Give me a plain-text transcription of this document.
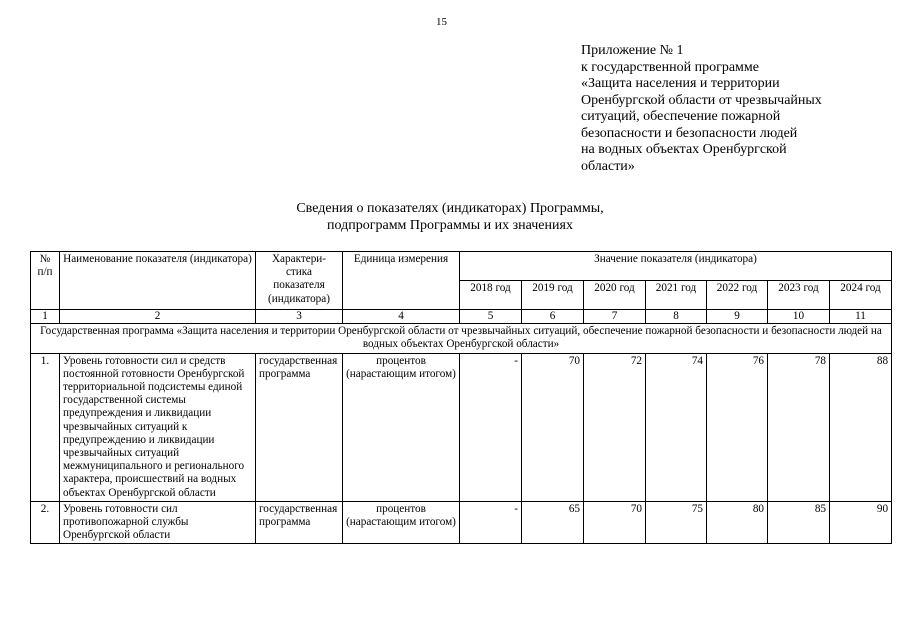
15
Приложение № 1
к государственной программе
«Защита населения и территории
Оренбургской области от чрезвычайных
ситуаций, обеспечение пожарной
безопасности и безопасности людей
на водных объектах Оренбургской
области»
Сведения о показателях (индикаторах) Программы,
подпрограмм Программы и их значениях
№ п/п	Наименование показателя (индикатора)	Характери-стика показателя (индикатора)	Единица измерения	Значение показателя (индикатора)						
				2018 год	2019 год	2020 год	2021 год	2022 год	2023 год	2024 год
1	2	3	4	5	6	7	8	9	10	11
Государственная программа «Защита населения и территории Оренбургской области от чрезвычайных ситуаций, обеспечение пожарной безопасности и безопасности людей на водных объектах Оренбургской области»										
1.	Уровень готовности сил и средств постоянной готовности Оренбургской территориальной подсистемы единой государственной системы предупреждения и ликвидации чрезвычайных ситуаций к предупреждению и ликвидации чрезвычайных ситуаций межмуниципального и регионального характера, происшествий на водных объектах Оренбургской области	государственная программа	процентов (нарастающим итогом)	-	70	72	74	76	78	88
2.	Уровень готовности сил противопожарной службы Оренбургской области	государственная программа	процентов (нарастающим итогом)	-	65	70	75	80	85	90
